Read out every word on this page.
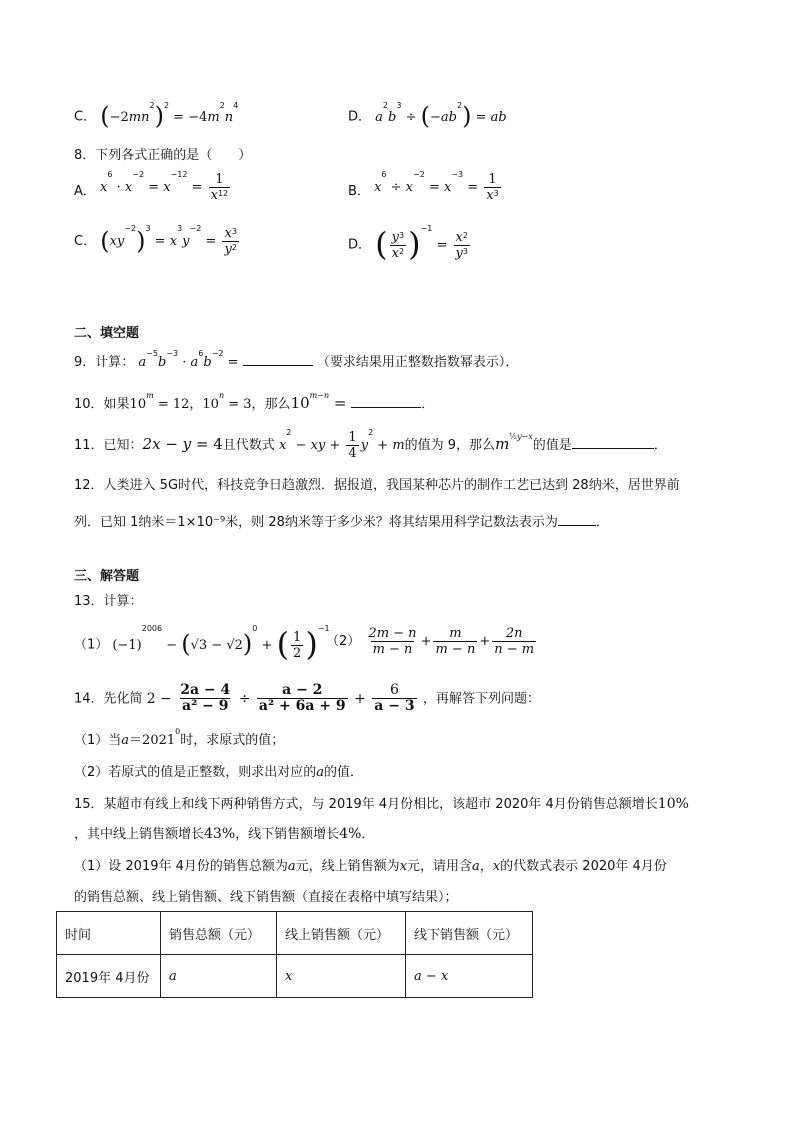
C． $(-2mn^2)^2 = -4m^2n^4$
D． $a^2b^3 \div (-ab^2)$ = ab
8．下列各式正确的是（　　）
A． $x^6 \cdot x^{-2} = x^{-12} = \frac{1}{x^{12}}$	B． $x^6 \div x^{-2} = x^{-3} = \frac{1}{x^3}$
C． $(xy^{-2})^3 = x^3y^{-2} = \frac{x^3}{y^2}$	D． ( $\frac{y^3}{x^2} )^{-1} = \frac{x^2}{y^3}$
二、填空题
9．计算： $a^{-5}b^{-3} \cdot a^6b^{-2}$ =	（要求结果用正整数指数幂表示）．
10．如果$10^m = 12$，$10^n = 3$，那么$10^{m-n}$ =	．
11．已知：2x − y = 4且代数式 $x^2$ − xy + $\frac{1}{4} y^2 + m$的值为 9，那么$m^{\frac{1}{2}y-x}$的值是	．
12．人类进入 5G时代，科技竞争日趋激烈．据报道，我国某种芯片的制作工艺已达到 28纳米，居世界前
列．已知 1纳米＝1×10⁻⁹米，则 28纳米等于多少米？将其结果用科学记数法表示为	．
三、解答题
13．计算：
（1） $(-1)^{2006} - (√3 - √2)^0$ + ( $\frac{1}{2} )^{-1}$
$(2) \frac{2m - n}{m - n} + \frac{m}{m - n} + \frac{2n}{n - m}$
14．先化简 $2 - \frac{2a - 4}{\text{a² − 9}} \div \frac{a - 2}{\text{a² + 6a + 9}} + \frac{6}{a - 3}$ ，再解答下列问题：
（1）当$a=2021^0$时，求原式的值；
（2）若原式的值是正整数，则求出对应的a的值．
15．某超市有线上和线下两种销售方式，与 2019年 4月份相比，该超市 2020年 4月份销售总额增长10%
，其中线上销售额增长43%，线下销售额增长4%．
（1）设 2019年 4月份的销售总额为a元，线上销售额为x元，请用含a，x的代数式表示 2020年 4月份
的销售总额、线上销售额、线下销售额（直接在表格中填写结果）；
时间	销售总额（元）	线上销售额（元）	线下销售额（元）
2019年 4月份	a	x	a − x
